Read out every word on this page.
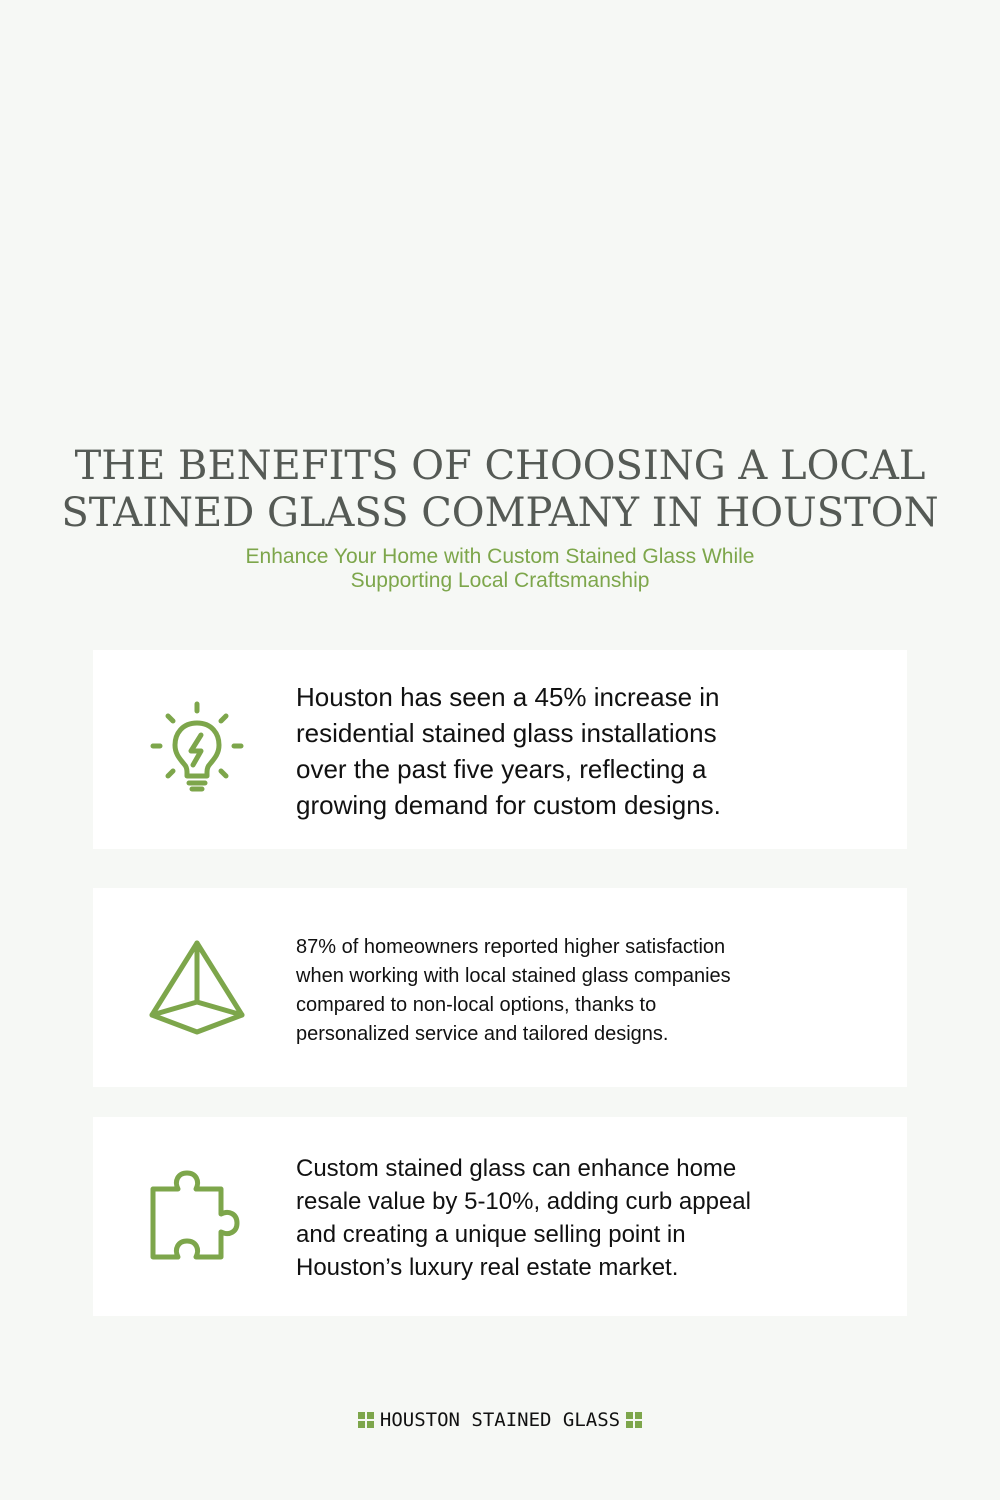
THE BENEFITS OF CHOOSING A LOCAL
STAINED GLASS COMPANY IN HOUSTON

Enhance Your Home with Custom Stained Glass While
Supporting Local Craftsmanship

Houston has seen a 45% increase in
residential stained glass installations
over the past five years, reflecting a
growing demand for custom designs.

87% of homeowners reported higher satisfaction
when working with local stained glass companies
compared to non-local options, thanks to
personalized service and tailored designs.

Custom stained glass can enhance home
resale value by 5-10%, adding curb appeal
and creating a unique selling point in
Houston’s luxury real estate market.

HOUSTON STAINED GLASS
